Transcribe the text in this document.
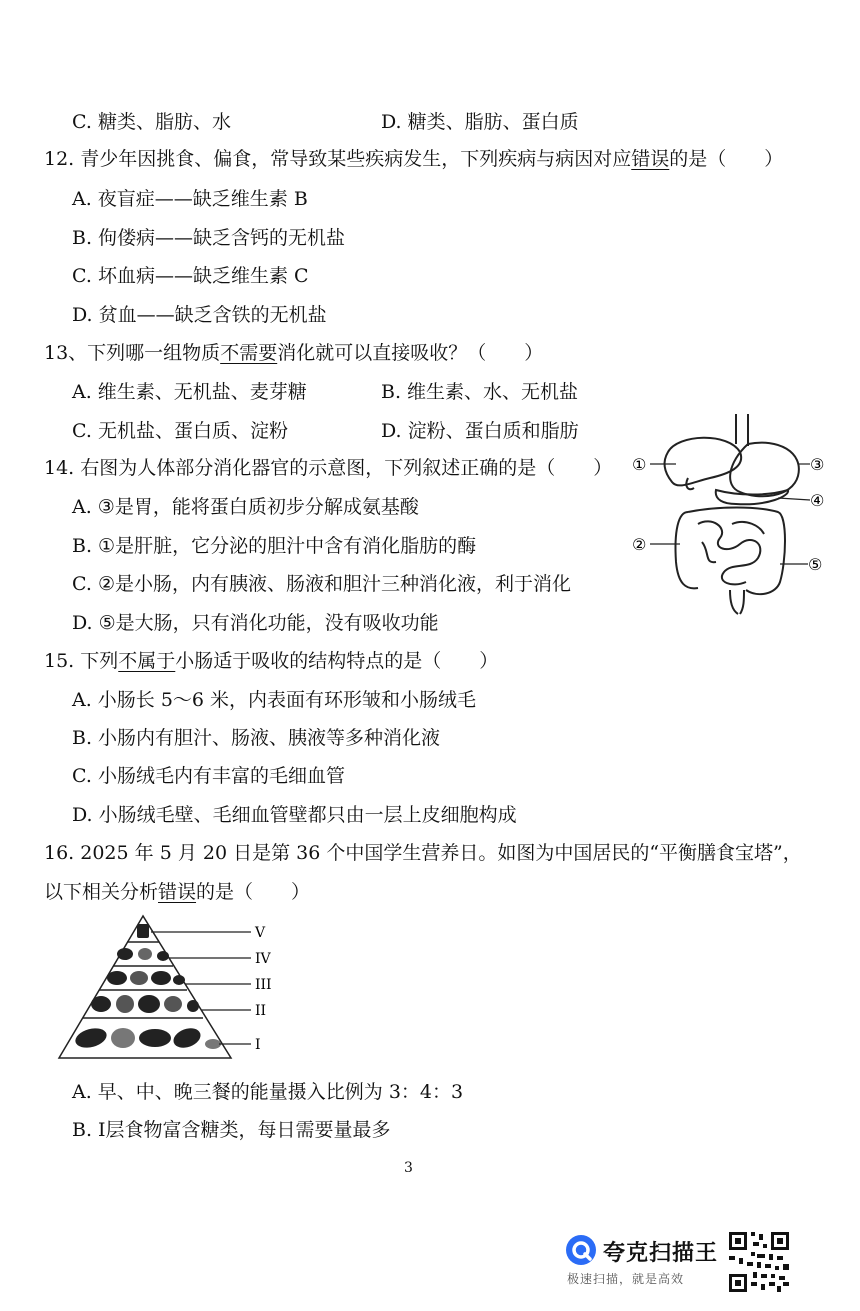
C. 糖类、脂肪、水	D. 糖类、脂肪、蛋白质
12. 青少年因挑食、偏食，常导致某些疾病发生，下列疾病与病因对应错误的是（　　）
A. 夜盲症——缺乏维生素 B
B. 佝偻病——缺乏含钙的无机盐
C. 坏血病——缺乏维生素 C
D. 贫血——缺乏含铁的无机盐
13、下列哪一组物质不需要消化就可以直接吸收？（　　）
A. 维生素、无机盐、麦芽糖	B. 维生素、水、无机盐
C. 无机盐、蛋白质、淀粉	D. 淀粉、蛋白质和脂肪
14. 右图为人体部分消化器官的示意图，下列叙述正确的是（　　）
A. ③是胃，能将蛋白质初步分解成氨基酸
B. ①是肝脏，它分泌的胆汁中含有消化脂肪的酶
C. ②是小肠，内有胰液、肠液和胆汁三种消化液，利于消化
D. ⑤是大肠，只有消化功能，没有吸收功能
①
②
③
④
⑤
15. 下列不属于小肠适于吸收的结构特点的是（　　）
A. 小肠长 5～6 米，内表面有环形皱和小肠绒毛
B. 小肠内有胆汁、肠液、胰液等多种消化液
C. 小肠绒毛内有丰富的毛细血管
D. 小肠绒毛壁、毛细血管壁都只由一层上皮细胞构成
16. 2025 年 5 月 20 日是第 36 个中国学生营养日。如图为中国居民的“平衡膳食宝塔”，
以下相关分析错误的是（　　）
V
IV
III
II
I
A. 早、中、晚三餐的能量摄入比例为 3：4：3
B. Ⅰ层食物富含糖类，每日需要量最多
3
夸克扫描王
极速扫描，就是高效
